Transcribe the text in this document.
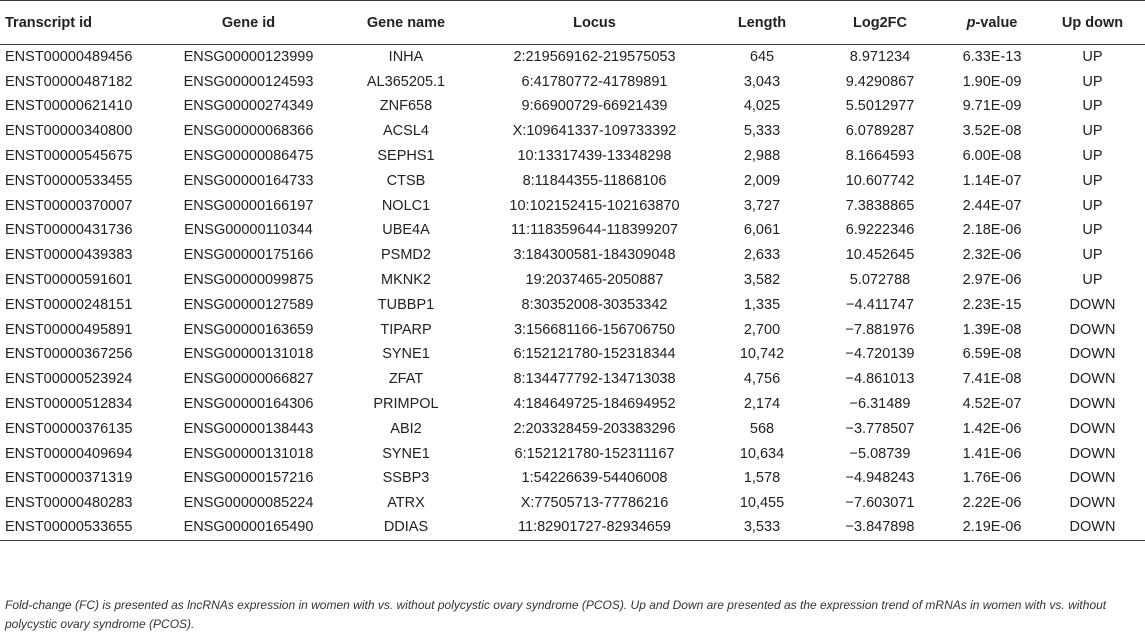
Transcript id	Gene id	Gene name	Locus	Length	Log2FC	p-value	Up down
ENST00000489456	ENSG00000123999	INHA	2:219569162-219575053	645	8.971234	6.33E-13	UP
ENST00000487182	ENSG00000124593	AL365205.1	6:41780772-41789891	3,043	9.4290867	1.90E-09	UP
ENST00000621410	ENSG00000274349	ZNF658	9:66900729-66921439	4,025	5.5012977	9.71E-09	UP
ENST00000340800	ENSG00000068366	ACSL4	X:109641337-109733392	5,333	6.0789287	3.52E-08	UP
ENST00000545675	ENSG00000086475	SEPHS1	10:13317439-13348298	2,988	8.1664593	6.00E-08	UP
ENST00000533455	ENSG00000164733	CTSB	8:11844355-11868106	2,009	10.607742	1.14E-07	UP
ENST00000370007	ENSG00000166197	NOLC1	10:102152415-102163870	3,727	7.3838865	2.44E-07	UP
ENST00000431736	ENSG00000110344	UBE4A	11:118359644-118399207	6,061	6.9222346	2.18E-06	UP
ENST00000439383	ENSG00000175166	PSMD2	3:184300581-184309048	2,633	10.452645	2.32E-06	UP
ENST00000591601	ENSG00000099875	MKNK2	19:2037465-2050887	3,582	5.072788	2.97E-06	UP
ENST00000248151	ENSG00000127589	TUBBP1	8:30352008-30353342	1,335	−4.411747	2.23E-15	DOWN
ENST00000495891	ENSG00000163659	TIPARP	3:156681166-156706750	2,700	−7.881976	1.39E-08	DOWN
ENST00000367256	ENSG00000131018	SYNE1	6:152121780-152318344	10,742	−4.720139	6.59E-08	DOWN
ENST00000523924	ENSG00000066827	ZFAT	8:134477792-134713038	4,756	−4.861013	7.41E-08	DOWN
ENST00000512834	ENSG00000164306	PRIMPOL	4:184649725-184694952	2,174	−6.31489	4.52E-07	DOWN
ENST00000376135	ENSG00000138443	ABI2	2:203328459-203383296	568	−3.778507	1.42E-06	DOWN
ENST00000409694	ENSG00000131018	SYNE1	6:152121780-152311167	10,634	−5.08739	1.41E-06	DOWN
ENST00000371319	ENSG00000157216	SSBP3	1:54226639-54406008	1,578	−4.948243	1.76E-06	DOWN
ENST00000480283	ENSG00000085224	ATRX	X:77505713-77786216	10,455	−7.603071	2.22E-06	DOWN
ENST00000533655	ENSG00000165490	DDIAS	11:82901727-82934659	3,533	−3.847898	2.19E-06	DOWN
Fold-change (FC) is presented as lncRNAs expression in women with vs. without polycystic ovary syndrome (PCOS). Up and Down are presented as the expression trend of mRNAs in women with vs. without polycystic ovary syndrome (PCOS).
